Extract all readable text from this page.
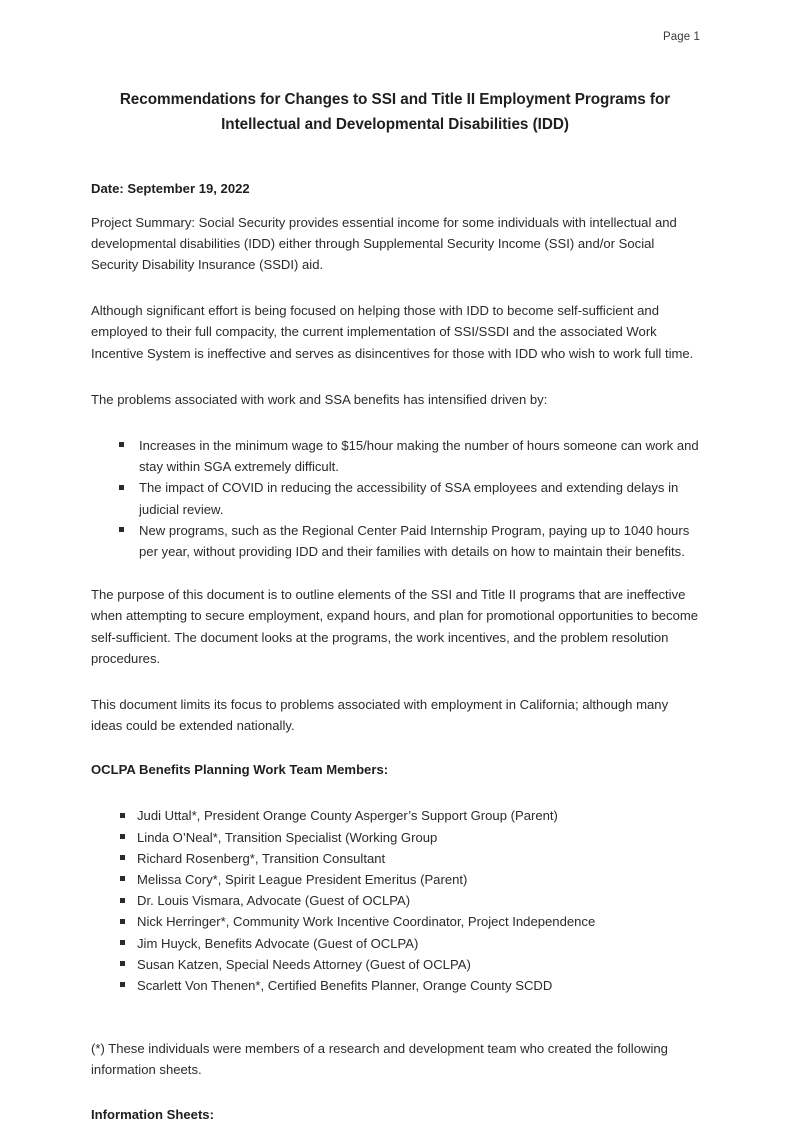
Page 1
Recommendations for Changes to SSI and Title II Employment Programs for Intellectual and Developmental Disabilities (IDD)
Date: September 19, 2022

Project Summary: Social Security provides essential income for some individuals with intellectual and developmental disabilities (IDD) either through Supplemental Security Income (SSI) and/or Social Security Disability Insurance (SSDI) aid.

Although significant effort is being focused on helping those with IDD to become self-sufficient and employed to their full compacity, the current implementation of SSI/SSDI and the associated Work Incentive System is ineffective and serves as disincentives for those with IDD who wish to work full time.

The problems associated with work and SSA benefits has intensified driven by:

Increases in the minimum wage to $15/hour making the number of hours someone can work and stay within SGA extremely difficult.
The impact of COVID in reducing the accessibility of SSA employees and extending delays in judicial review.
New programs, such as the Regional Center Paid Internship Program, paying up to 1040 hours per year, without providing IDD and their families with details on how to maintain their benefits.

The purpose of this document is to outline elements of the SSI and Title II programs that are ineffective when attempting to secure employment, expand hours, and plan for promotional opportunities to become self-sufficient. The document looks at the programs, the work incentives, and the problem resolution procedures.

This document limits its focus to problems associated with employment in California; although many ideas could be extended nationally.

OCLPA Benefits Planning Work Team Members:
Judi Uttal*, President Orange County Asperger’s Support Group (Parent)
Linda O’Neal*, Transition Specialist (Working Group
Richard Rosenberg*, Transition Consultant
Melissa Cory*, Spirit League President Emeritus (Parent)
Dr. Louis Vismara, Advocate (Guest of OCLPA)
Nick Herringer*, Community Work Incentive Coordinator, Project Independence
Jim Huyck, Benefits Advocate (Guest of OCLPA)
Susan Katzen, Special Needs Attorney (Guest of OCLPA)
Scarlett Von Thenen*, Certified Benefits Planner, Orange County SCDD

(*) These individuals were members of a research and development team who created the following information sheets.

Information Sheets:
